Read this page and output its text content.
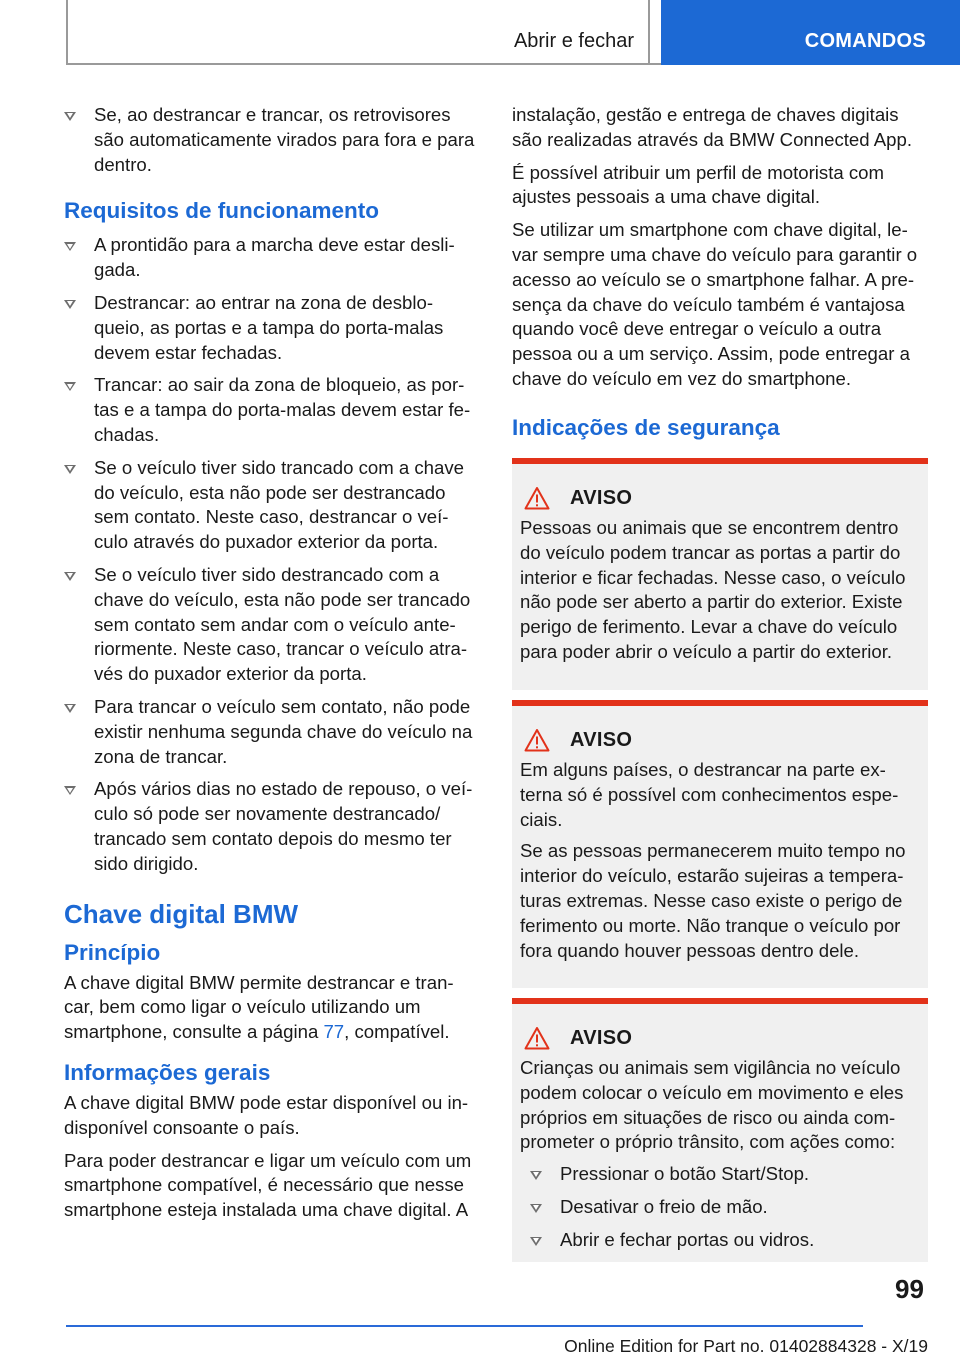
Abrir e fechar	COMANDOS
Se, ao destrancar e trancar, os retrovisores são automaticamente virados para fora e para dentro.
Requisitos de funcionamento
A prontidão para a marcha deve estar desli-gada.
Destrancar: ao entrar na zona de desblo-queio, as portas e a tampa do porta-malas devem estar fechadas.
Trancar: ao sair da zona de bloqueio, as por-tas e a tampa do porta-malas devem estar fe-chadas.
Se o veículo tiver sido trancado com a chave do veículo, esta não pode ser destrancado sem contato. Neste caso, destrancar o veí-culo através do puxador exterior da porta.
Se o veículo tiver sido destrancado com a chave do veículo, esta não pode ser trancado sem contato sem andar com o veículo ante-riormente. Neste caso, trancar o veículo atra-vés do puxador exterior da porta.
Para trancar o veículo sem contato, não pode existir nenhuma segunda chave do veículo na zona de trancar.
Após vários dias no estado de repouso, o veí-culo só pode ser novamente destrancado/ trancado sem contato depois do mesmo ter sido dirigido.
Chave digital BMW
Princípio

A chave digital BMW permite destrancar e tran-car, bem como ligar o veículo utilizando um smartphone, consulte a página 77, compatível.

Informações gerais

A chave digital BMW pode estar disponível ou in-disponível consoante o país.

Para poder destrancar e ligar um veículo com um smartphone compatível, é necessário que nesse smartphone esteja instalada uma chave digital. A

instalação, gestão e entrega de chaves digitais são realizadas através da BMW Connected App.

É possível atribuir um perfil de motorista com ajustes pessoais a uma chave digital.

Se utilizar um smartphone com chave digital, le-var sempre uma chave do veículo para garantir o acesso ao veículo se o smartphone falhar. A pre-sença da chave do veículo também é vantajosa quando você deve entregar o veículo a outra pessoa ou a um serviço. Assim, pode entregar a chave do veículo em vez do smartphone.

Indicações de segurança
AVISO

Pessoas ou animais que se encontrem dentro do veículo podem trancar as portas a partir do interior e ficar fechadas. Nesse caso, o veículo não pode ser aberto a partir do exterior. Existe perigo de ferimento. Levar a chave do veículo para poder abrir o veículo a partir do exterior.

AVISO

Em alguns países, o destrancar na parte ex-terna só é possível com conhecimentos espe-ciais.

Se as pessoas permanecerem muito tempo no interior do veículo, estarão sujeiras a tempera-turas extremas. Nesse caso existe o perigo de ferimento ou morte. Não tranque o veículo por fora quando houver pessoas dentro dele.

AVISO

Crianças ou animais sem vigilância no veículo podem colocar o veículo em movimento e eles próprios em situações de risco ou ainda com-prometer o próprio trânsito, com ações como:

Pressionar o botão Start/Stop.
Desativar o freio de mão.
Abrir e fechar portas ou vidros.
99
Online Edition for Part no. 01402884328 - X/19
